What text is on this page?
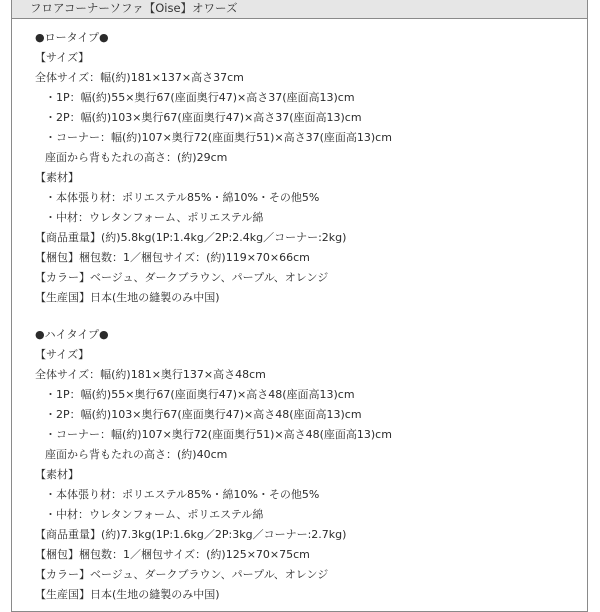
フロアコーナーソファ【Oise】オワーズ
●ロータイプ●
【サイズ】
全体サイズ：幅(約)181×137×高さ37cm
・1P：幅(約)55×奥行67(座面奥行47)×高さ37(座面高13)cm
・2P：幅(約)103×奥行67(座面奥行47)×高さ37(座面高13)cm
・コーナー：幅(約)107×奥行72(座面奥行51)×高さ37(座面高13)cm
座面から背もたれの高さ：(約)29cm
【素材】
・本体張り材：ポリエステル85%・綿10%・その他5%
・中材：ウレタンフォーム、ポリエステル綿
【商品重量】(約)5.8kg(1P:1.4kg／2P:2.4kg／コーナー:2kg)
【梱包】梱包数：1／梱包サイズ：(約)119×70×66cm
【カラー】ベージュ、ダークブラウン、パープル、オレンジ
【生産国】日本(生地の縫製のみ中国)
●ハイタイプ●
【サイズ】
全体サイズ：幅(約)181×奥行137×高さ48cm
・1P：幅(約)55×奥行67(座面奥行47)×高さ48(座面高13)cm
・2P：幅(約)103×奥行67(座面奥行47)×高さ48(座面高13)cm
・コーナー：幅(約)107×奥行72(座面奥行51)×高さ48(座面高13)cm
座面から背もたれの高さ：(約)40cm
【素材】
・本体張り材：ポリエステル85%・綿10%・その他5%
・中材：ウレタンフォーム、ポリエステル綿
【商品重量】(約)7.3kg(1P:1.6kg／2P:3kg／コーナー:2.7kg)
【梱包】梱包数：1／梱包サイズ：(約)125×70×75cm
【カラー】ベージュ、ダークブラウン、パープル、オレンジ
【生産国】日本(生地の縫製のみ中国)
